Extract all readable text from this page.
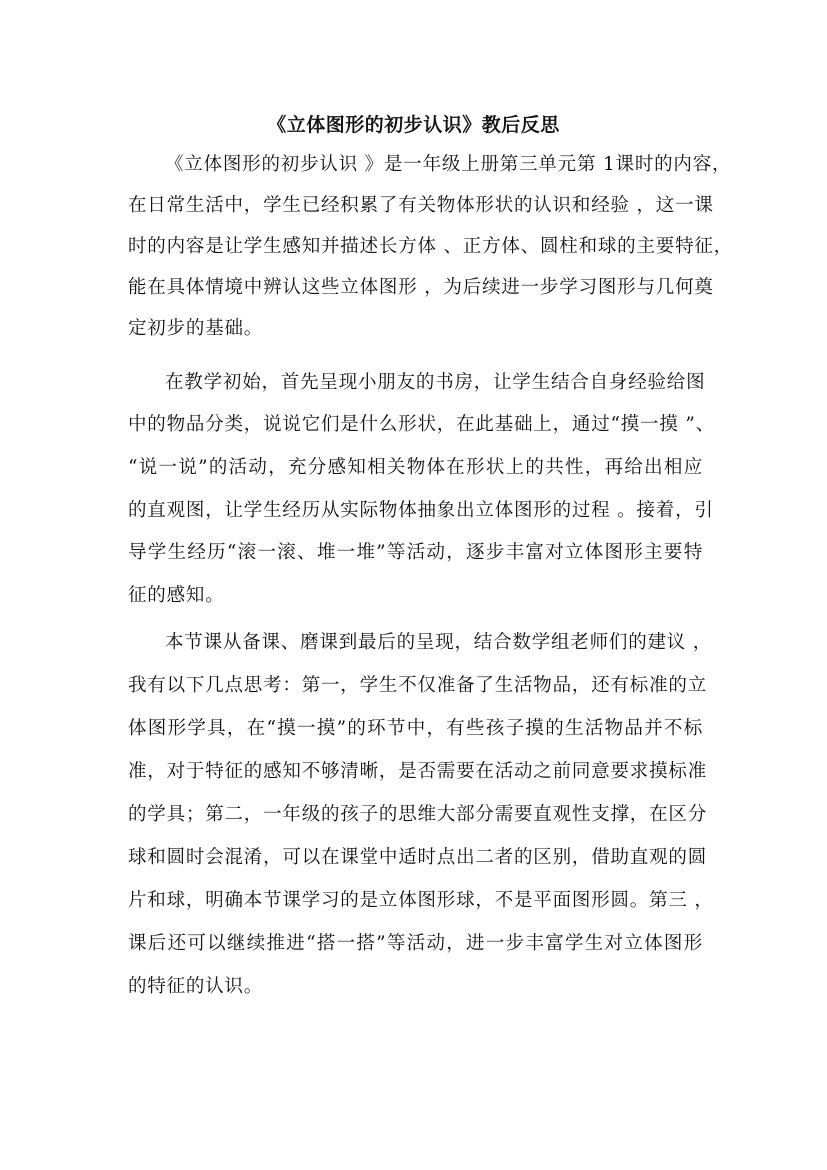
《立体图形的初步认识》教后反思
《立体图形的初步认识 》是一年级上册第三单元第 1课时的内容，
在日常生活中，学生已经积累了有关物体形状的认识和经验 ，这一课
时的内容是让学生感知并描述长方体 、正方体、圆柱和球的主要特征，
能在具体情境中辨认这些立体图形 ，为后续进一步学习图形与几何奠
定初步的基础。
在教学初始，首先呈现小朋友的书房，让学生结合自身经验给图
中的物品分类，说说它们是什么形状，在此基础上，通过“摸一摸 ”、
“说一说”的活动，充分感知相关物体在形状上的共性，再给出相应
的直观图，让学生经历从实际物体抽象出立体图形的过程 。接着，引
导学生经历“滚一滚、堆一堆”等活动，逐步丰富对立体图形主要特
征的感知。
本节课从备课、磨课到最后的呈现，结合数学组老师们的建议 ，
我有以下几点思考：第一，学生不仅准备了生活物品，还有标准的立
体图形学具，在“摸一摸”的环节中，有些孩子摸的生活物品并不标
准，对于特征的感知不够清晰，是否需要在活动之前同意要求摸标准
的学具；第二，一年级的孩子的思维大部分需要直观性支撑，在区分
球和圆时会混淆，可以在课堂中适时点出二者的区别，借助直观的圆
片和球，明确本节课学习的是立体图形球，不是平面图形圆。第三 ，
课后还可以继续推进“搭一搭”等活动，进一步丰富学生对立体图形
的特征的认识。
